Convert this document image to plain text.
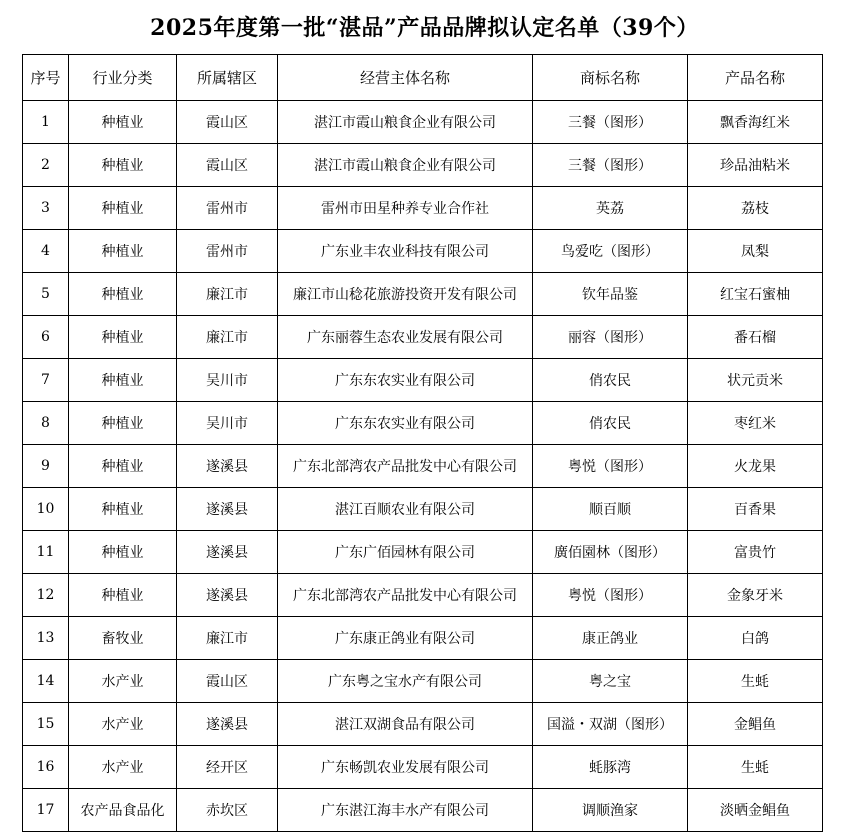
2025年度第一批“湛品”产品品牌拟认定名单（39个）
序号	行业分类	所属辖区	经营主体名称	商标名称	产品名称
1	种植业	霞山区	湛江市霞山粮食企业有限公司	三餐（图形）	飘香海红米
2	种植业	霞山区	湛江市霞山粮食企业有限公司	三餐（图形）	珍品油粘米
3	种植业	雷州市	雷州市田星种养专业合作社	英荔	荔枝
4	种植业	雷州市	广东业丰农业科技有限公司	鸟爱吃（图形）	凤梨
5	种植业	廉江市	廉江市山稔花旅游投资开发有限公司	钦年品鉴	红宝石蜜柚
6	种植业	廉江市	广东丽蓉生态农业发展有限公司	丽容（图形）	番石榴
7	种植业	吴川市	广东东农实业有限公司	俏农民	状元贡米
8	种植业	吴川市	广东东农实业有限公司	俏农民	枣红米
9	种植业	遂溪县	广东北部湾农产品批发中心有限公司	粤悦（图形）	火龙果
10	种植业	遂溪县	湛江百顺农业有限公司	顺百顺	百香果
11	种植业	遂溪县	广东广佰园林有限公司	廣佰園林（图形）	富贵竹
12	种植业	遂溪县	广东北部湾农产品批发中心有限公司	粤悦（图形）	金象牙米
13	畜牧业	廉江市	广东康正鸽业有限公司	康正鸽业	白鸽
14	水产业	霞山区	广东粤之宝水产有限公司	粤之宝	生蚝
15	水产业	遂溪县	湛江双湖食品有限公司	国溢・双湖（图形）	金鲳鱼
16	水产业	经开区	广东畅凯农业发展有限公司	蚝豚湾	生蚝
17	农产品食品化	赤坎区	广东湛江海丰水产有限公司	调顺渔家	淡晒金鲳鱼
